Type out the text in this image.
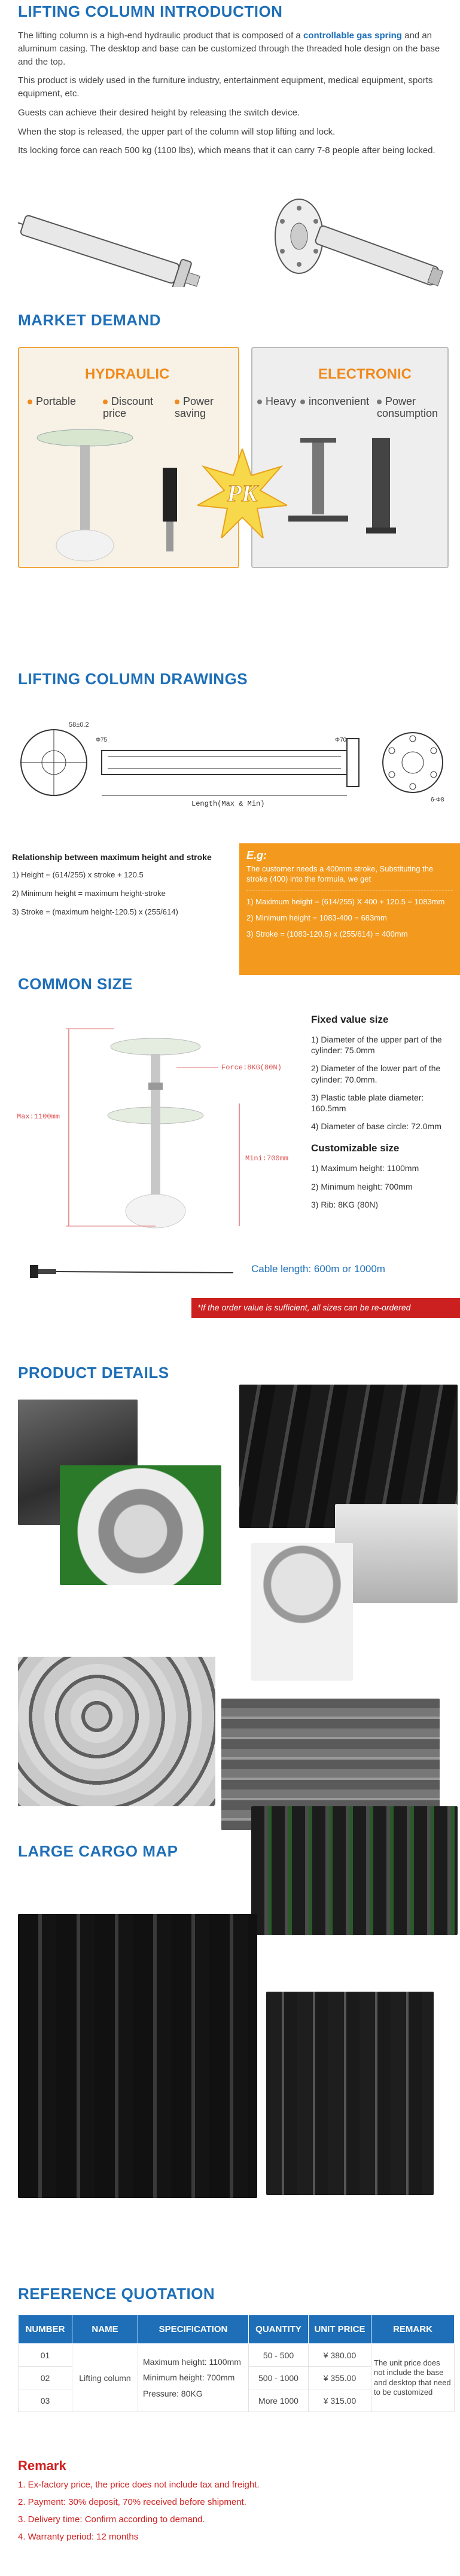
LIFTING COLUMN INTRODUCTION

The lifting column is a high-end hydraulic product that is composed of a controllable gas spring and an aluminum casing. The desktop and base can be customized through the threaded hole design on the base and the top.

This product is widely used in the furniture industry, entertainment equipment, medical equipment, sports equipment, etc.

Guests can achieve their desired height by releasing the switch device.

When the stop is released, the upper part of the column will stop lifting and lock.

Its locking force can reach 500 kg (1100 lbs), which means that it can carry 7-8 people after being locked.

MARKET DEMAND
HYDRAULIC
Portable	Discount price
Power saving
ELECTRONIC
Heavy	inconvenient	Power consumption
PK
LIFTING COLUMN DRAWINGS
58±0.2
Φ75	Φ70
Length(Max & Min)	6-Φ8
Relationship between maximum height and stroke

1) Height = (614/255) x stroke + 120.5

2) Minimum height = maximum height-stroke

3) Stroke = (maximum height-120.5) x (255/614)

E.g:
The customer needs a 400mm stroke, Substituting the stroke (400) into the formula, we get

1) Maximum height = (614/255) X 400 + 120.5 = 1083mm

2) Minimum height = 1083-400 = 683mm

3) Stroke = (1083-120.5) x (255/614) = 400mm

COMMON SIZE
Max:1100mm
Mini:700mm
Force:8KG(80N)
Fixed value size

1) Diameter of the upper part of the cylinder: 75.0mm

2) Diameter of the lower part of the cylinder: 70.0mm.

3) Plastic table plate diameter: 160.5mm

4) Diameter of base circle: 72.0mm

Customizable size

1) Maximum height: 1100mm

2) Minimum height: 700mm

3) Rib: 8KG (80N)

Cable length: 600m or 1000m
*If the order value is sufficient, all sizes can be re-ordered
PRODUCT DETAILS
LARGE CARGO MAP
REFERENCE QUOTATION
NUMBER	NAME	SPECIFICATION	QUANTITY	UNIT PRICE	REMARK
01	Lifting column	Maximum height: 1100mm
Minimum height: 700mm
Pressure: 80KG	50 - 500	¥ 380.00	The unit price does not include the base and desktop that need to be customized
02			500 - 1000	¥ 355.00	
03			More 1000	¥ 315.00	
Remark

1. Ex-factory price, the price does not include tax and freight.

2. Payment: 30% deposit, 70% received before shipment.

3. Delivery time: Confirm according to demand.

4. Warranty period: 12 months
